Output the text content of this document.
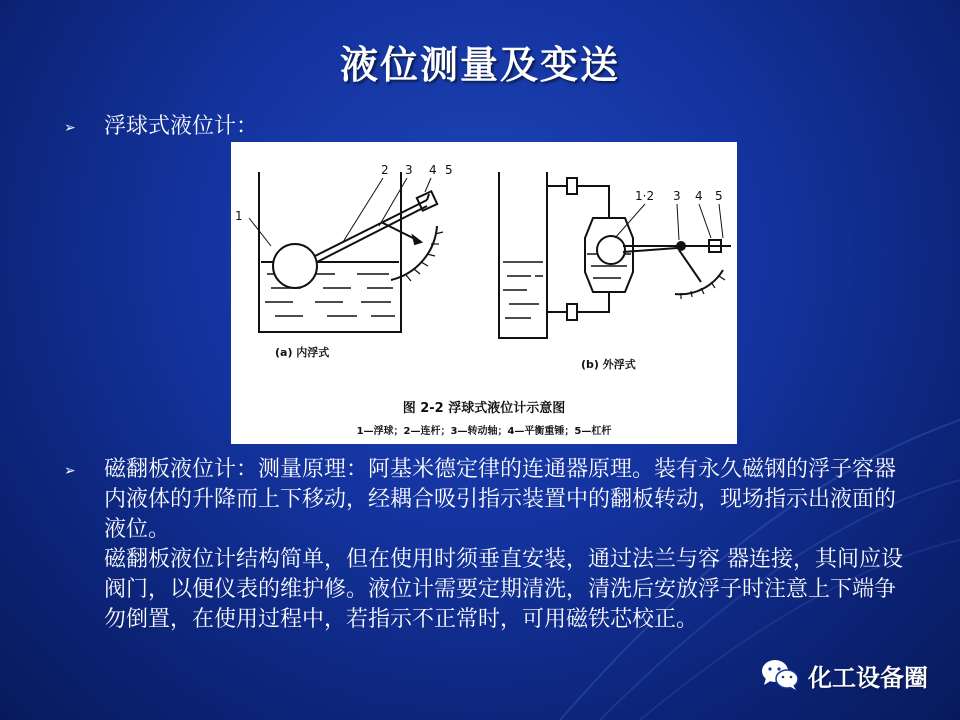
液位测量及变送
➢ 浮球式液位计：
1
2 3 4 5
(a) 内浮式
1·2 3 4 5
(b) 外浮式
图 2-2 浮球式液位计示意图
1—浮球；2—连杆；3—转动轴；4—平衡重锤；5—杠杆
➢ 磁翻板液位计：测量原理：阿基米德定律的连通器原理。装有永久磁钢的浮子容器内液体的升降而上下移动，经耦合吸引指示装置中的翻板转动，现场指示出液面的液位。
磁翻板液位计结构简单，但在使用时须垂直安装，通过法兰与容 器连接，其间应设阀门，以便仪表的维护修。液位计需要定期清洗，清洗后安放浮子时注意上下端争勿倒置，在使用过程中，若指示不正常时，可用磁铁芯校正。
化工设备圈
